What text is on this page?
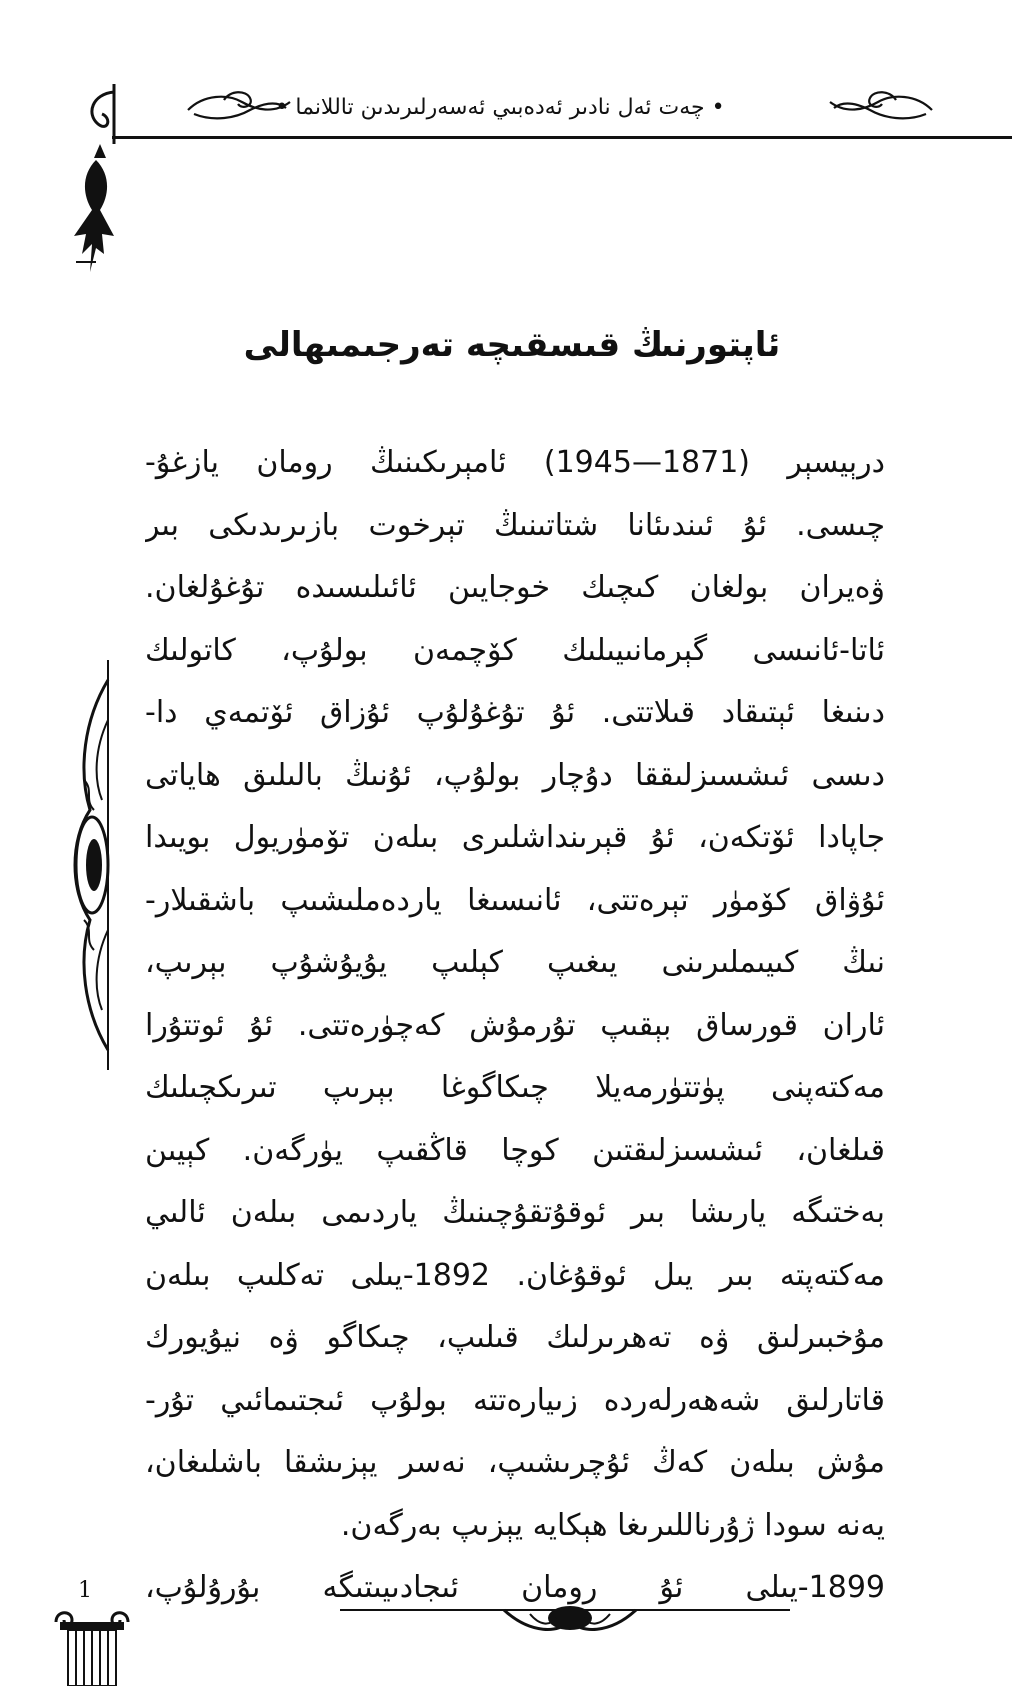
• چەت ئەل نادىر ئەدەبىي ئەسەرلىرىدىن تاللانما •
ئاپتورنىڭ قىسقىچە تەرجىمىھالى
درېيسېر (1871—1945) ئامېرىكىنىڭ رومان يازغۇ-
چىسى. ئۇ ئىندىئانا شتاتىنىڭ تېرخوت بازىرىدىكى بىر
ۋەيران بولغان كىچىك خوجايىن ئائىلىسىدە تۇغۇلغان.
ئاتا-ئانىسى گېرمانىيىلىك كۆچمەن بولۇپ، كاتولىك
دىنىغا ئېتىقاد قىلاتتى. ئۇ تۇغۇلۇپ ئۇزاق ئۆتمەي دا-
دىسى ئىشسىزلىققا دۇچار بولۇپ، ئۇنىڭ بالىلىق ھاياتى
جاپادا ئۆتكەن، ئۇ قېرىنداشلىرى بىلەن تۆمۈريول بويىدا
ئۇۋاق كۆمۈر تېرەتتى، ئانىسىغا ياردەملىشىپ باشقىلار-
نىڭ كىيىملىرىنى يىغىپ كېلىپ يۇيۇشۇپ بېرىپ،
ئاران قورساق بېقىپ تۇرمۇش كەچۈرەتتى. ئۇ ئوتتۇرا
مەكتەپنى پۈتتۈرمەيلا چىكاگوغا بېرىپ تىرىكچىلىك
قىلغان، ئىشسىزلىقتىن كوچا قاڭقىپ يۈرگەن. كېيىن
بەختىگە يارىشا بىر ئوقۇتقۇچىنىڭ ياردىمى بىلەن ئالىي
مەكتەپتە بىر يىل ئوقۇغان. 1892-يىلى تەكلىپ بىلەن
مۇخبىرلىق ۋە تەھرىرلىك قىلىپ، چىكاگو ۋە نيۇيورك
قاتارلىق شەھەرلەردە زىيارەتتە بولۇپ ئىجتىمائىي تۇر-
مۇش بىلەن كەڭ ئۇچرىشىپ، نەسر يېزىشقا باشلىغان،
يەنە سودا ژۇرناللىرىغا ھېكايە يېزىپ بەرگەن.
1899-يىلى ئۇ رومان ئىجادىيىتىگە بۇرۇلۇپ،
1
